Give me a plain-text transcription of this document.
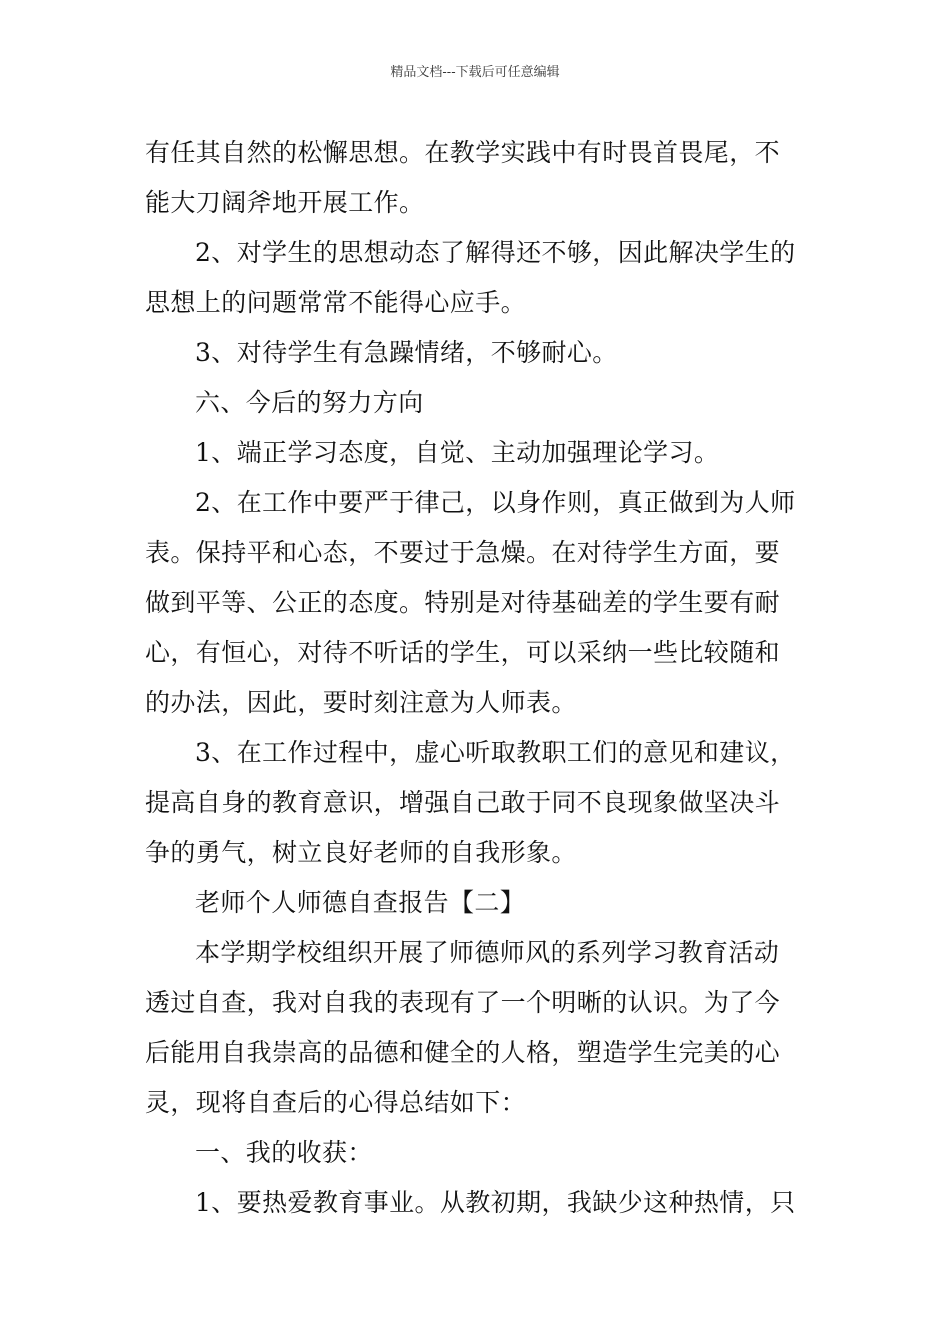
精品文档---下载后可任意编辑

有任其自然的松懈思想。在教学实践中有时畏首畏尾，不

能大刀阔斧地开展工作。

2、对学生的思想动态了解得还不够，因此解决学生的

思想上的问题常常不能得心应手。

3、对待学生有急躁情绪，不够耐心。

六、今后的努力方向

1、端正学习态度，自觉、主动加强理论学习。

2、在工作中要严于律己，以身作则，真正做到为人师

表。保持平和心态，不要过于急燥。在对待学生方面，要

做到平等、公正的态度。特别是对待基础差的学生要有耐

心，有恒心，对待不听话的学生，可以采纳一些比较随和

的办法，因此，要时刻注意为人师表。

3、在工作过程中，虚心听取教职工们的意见和建议，

提高自身的教育意识，增强自己敢于同不良现象做坚决斗

争的勇气，树立良好老师的自我形象。

老师个人师德自查报告【二】

本学期学校组织开展了师德师风的系列学习教育活动

透过自查，我对自我的表现有了一个明晰的认识。为了今

后能用自我崇高的品德和健全的人格，塑造学生完美的心

灵，现将自查后的心得总结如下：

一、我的收获：

1、要热爱教育事业。从教初期，我缺少这种热情，只
